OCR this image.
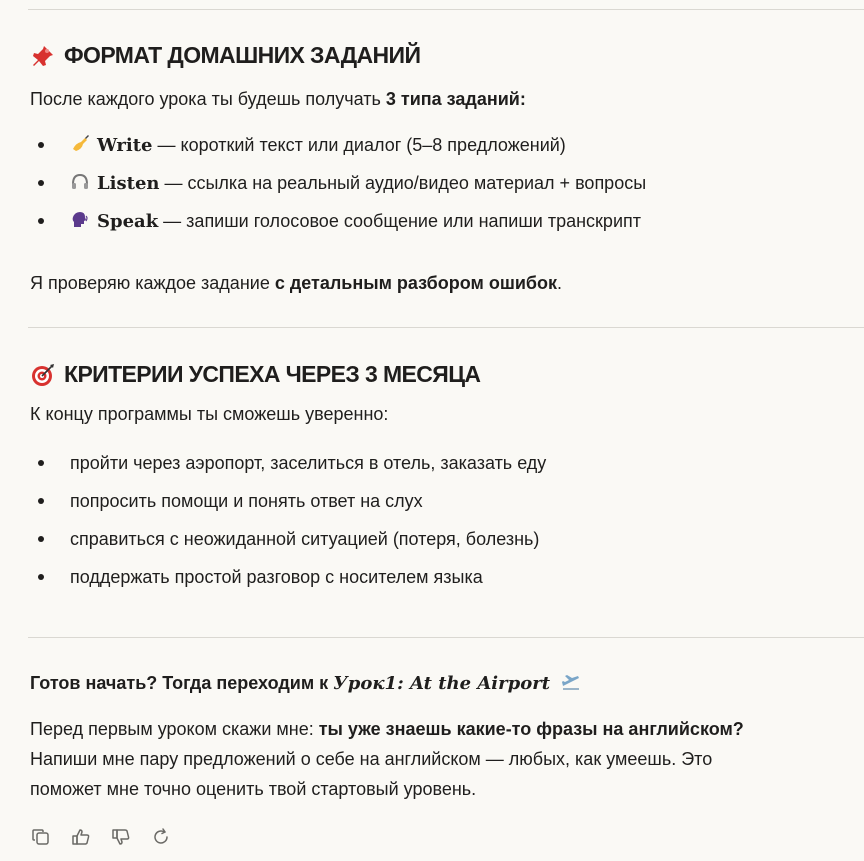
ФОРМАТ ДОМАШНИХ ЗАДАНИЙ
После каждого урока ты будешь получать 3 типа заданий:
Write — короткий текст или диалог (5–8 предложений)
Listen — ссылка на реальный аудио/видео материал + вопросы
Speak — запиши голосовое сообщение или напиши транскрипт
Я проверяю каждое задание с детальным разбором ошибок.
КРИТЕРИИ УСПЕХА ЧЕРЕЗ 3 МЕСЯЦА
К концу программы ты сможешь уверенно:
пройти через аэропорт, заселиться в отель, заказать еду
попросить помощи и понять ответ на слух
справиться с неожиданной ситуацией (потеря, болезнь)
поддержать простой разговор с носителем языка
Готов начать? Тогда переходим к Урок1: At the Airport
Перед первым уроком скажи мне: ты уже знаешь какие-то фразы на английском?
Напиши мне пару предложений о себе на английском — любых, как умеешь. Это
поможет мне точно оценить твой стартовый уровень.
